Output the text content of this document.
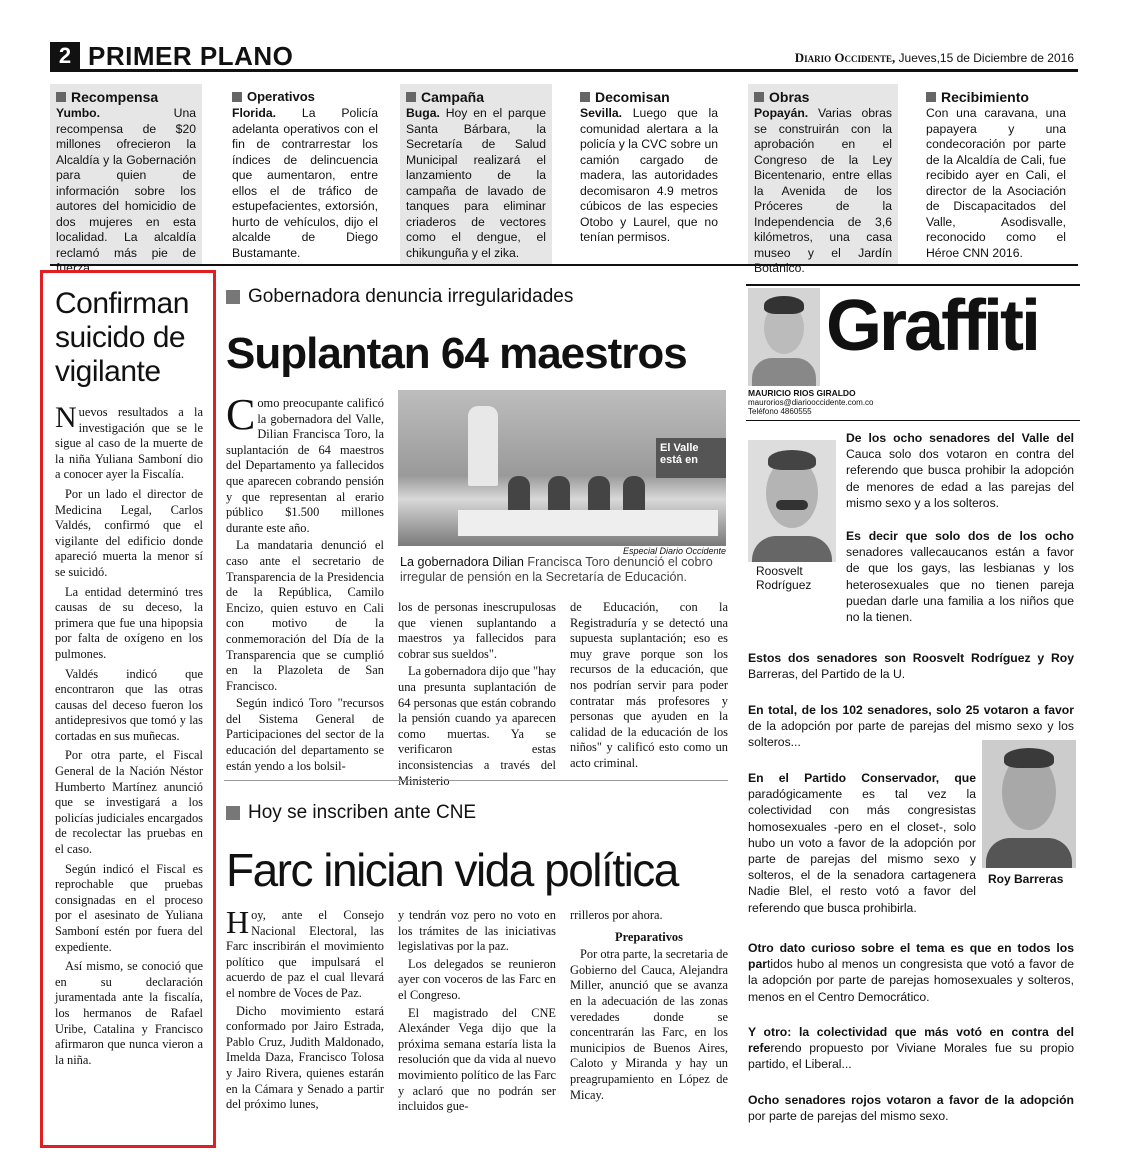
2 PRIMER PLANO	Diario Occidente, Jueves,15 de Diciembre de 2016
Recompensa
Yumbo. Una recompensa de $20 millones ofrecieron la Alcaldía y la Gobernación para quien de información sobre los autores del homicidio de dos mujeres en esta localidad. La alcaldía reclamó más pie de fuerza.
Operativos
Florida. La Policía adelanta operativos con el fin de contrarrestar los índices de delincuencia que aumentaron, entre ellos el de tráfico de estupefacientes, extorsión, hurto de vehículos, dijo el alcalde de Diego Bustamante.
Campaña
Buga. Hoy en el parque Santa Bárbara, la Secretaría de Salud Municipal realizará el lanzamiento de la campaña de lavado de tanques para eliminar criaderos de vectores como el dengue, el chikunguña y el zika.
Decomisan
Sevilla. Luego que la comunidad alertara a la policía y la CVC sobre un camión cargado de madera, las autoridades decomisaron 4.9 metros cúbicos de las especies Otobo y Laurel, que no tenían permisos.
Obras
Popayán. Varias obras se construirán con la aprobación en el Congreso de la Ley Bicentenario, entre ellas la Avenida de los Próceres de la Independencia de 3,6 kilómetros, una casa museo y el Jardín Botánico.
Recibimiento
Con una caravana, una papayera y una condecoración por parte de la Alcaldía de Cali, fue recibido ayer en Cali, el director de la Asociación de Discapacitados del Valle, Asodisvalle, reconocido como el Héroe CNN 2016.
Confirman suicido de vigilante

Nuevos resultados a la investigación que se le sigue al caso de la muerte de la niña Yuliana Samboní dio a conocer ayer la Fiscalía.

Por un lado el director de Medicina Legal, Carlos Valdés, confirmó que el vigilante del edificio donde apareció muerta la menor sí se suicidó.

La entidad determinó tres causas de su deceso, la primera que fue una hipopsia por falta de oxígeno en los pulmones.

Valdés indicó que encontraron que las otras causas del deceso fueron los antidepresivos que tomó y las cortadas en sus muñecas.

Por otra parte, el Fiscal General de la Nación Néstor Humberto Martínez anunció que se investigará a los policías judiciales encargados de recolectar las pruebas en el caso.

Según indicó el Fiscal es reprochable que pruebas consignadas en el proceso por el asesinato de Yuliana Samboní estén por fuera del expediente.

Así mismo, se conoció que en su declaración juramentada ante la fiscalía, los hermanos de Rafael Uribe, Catalina y Francisco afirmaron que nunca vieron a la niña.

Gobernadora denuncia irregularidades
Suplantan 64 maestros

Como preocupante calificó la gobernadora del Valle, Dilian Francisca Toro, la suplantación de 64 maestros del Departamento ya fallecidos que aparecen cobrando pensión y que representan al erario público $1.500 millones durante este año.

La mandataria denunció el caso ante el secretario de Transparencia de la Presidencia de la República, Camilo Encizo, quien estuvo en Cali con motivo de la conmemoración del Día de la Transparencia que se cumplió en la Plazoleta de San Francisco.

Según indicó Toro "recursos del Sistema General de Participaciones del sector de la educación del departamento se están yendo a los bolsil-

El Valle está en
Especial Diario Occidente
La gobernadora Dilian Francisca Toro denunció el cobro irregular de pensión en la Secretaría de Educación.

los de personas inescrupulosas que vienen suplantando a maestros ya fallecidos para cobrar sus sueldos".

La gobernadora dijo que "hay una presunta suplantación de 64 personas que están cobrando la pensión cuando ya aparecen como muertas. Ya se verificaron estas inconsistencias a través del Ministerio

de Educación, con la Registraduría y se detectó una supuesta suplantación; eso es muy grave porque son los recursos de la educación, que nos podrían servir para poder contratar más profesores y personas que ayuden en la calidad de la educación de los niños" y calificó esto como un acto criminal.

Hoy se inscriben ante CNE
Farc inician vida política

Hoy, ante el Consejo Nacional Electoral, las Farc inscribirán el movimiento político que impulsará el acuerdo de paz el cual llevará el nombre de Voces de Paz.

Dicho movimiento estará conformado por Jairo Estrada, Pablo Cruz, Judith Maldonado, Imelda Daza, Francisco Tolosa y Jairo Rivera, quienes estarán en la Cámara y Senado a partir del próximo lunes,

y tendrán voz pero no voto en los trámites de las iniciativas legislativas por la paz.

Los delegados se reunieron ayer con voceros de las Farc en el Congreso.

El magistrado del CNE Alexánder Vega dijo que la próxima semana estaría lista la resolución que da vida al nuevo movimiento político de las Farc y aclaró que no podrán ser incluidos gue-

rrilleros por ahora.

Preparativos

Por otra parte, la secretaria de Gobierno del Cauca, Alejandra Miller, anunció que se avanza en la adecuación de las zonas veredades donde se concentrarán las Farc, en los municipios de Buenos Aires, Caloto y Miranda y hay un preagrupamiento en López de Micay.

Graffiti
MAURICIO RIOS GIRALDO
maurorios@diariooccidente.com.co
Teléfono 4860555
Roosvelt
Rodríguez
De los ocho senadores del Valle del Cauca solo dos votaron en contra del referendo que busca prohibir la adopción de menores de edad a las parejas del mismo sexo y a los solteros.
Es decir que solo dos de los ocho senadores vallecaucanos están a favor de que los gays, las lesbianas y los heterosexuales que no tienen pareja puedan darle una familia a los niños que no la tienen.
Estos dos senadores son Roosvelt Rodríguez y Roy Barreras, del Partido de la U.
En total, de los 102 senadores, solo 25 votaron a favor de la adopción por parte de parejas del mismo sexo y los solteros...
Roy Barreras
En el Partido Conservador, que paradógicamente es tal vez la colectividad con más congresistas homosexuales -pero en el closet-, solo hubo un voto a favor de la adopción por parte de parejas del mismo sexo y solteros, el de la senadora cartagenera Nadie Blel, el resto votó a favor del referendo que busca prohibirla.
Otro dato curioso sobre el tema es que en todos los partidos hubo al menos un congresista que votó a favor de la adopción por parte de parejas homosexuales y solteros, menos en el Centro Democrático.
Y otro: la colectividad que más votó en contra del referendo propuesto por Viviane Morales fue su propio partido, el Liberal...
Ocho senadores rojos votaron a favor de la adopción por parte de parejas del mismo sexo.
